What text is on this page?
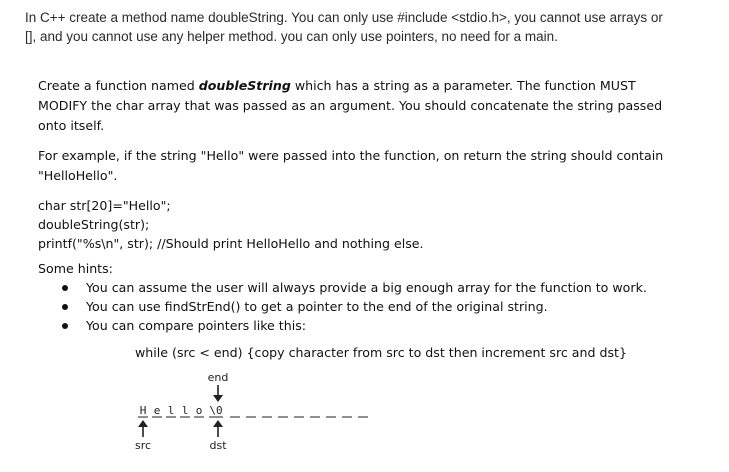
In C++ create a method name doubleString. You can only use #include <stdio.h>, you cannot use arrays or
[], and you cannot use any helper method. you can only use pointers, no need for a main.
Create a function named doubleString which has a string as a parameter. The function MUST
MODIFY the char array that was passed as an argument. You should concatenate the string passed
onto itself.
For example, if the string "Hello" were passed into the function, on return the string should contain
"HelloHello".
char str[20]="Hello";
doubleString(str);
printf("%s\n", str); //Should print HelloHello and nothing else.
Some hints:
You can assume the user will always provide a big enough array for the function to work.
You can use findStrEnd() to get a pointer to the end of the original string.
You can compare pointers like this:
while (src < end) {copy character from src to dst then increment src and dst}
end
H e l l o \0
src	dst
